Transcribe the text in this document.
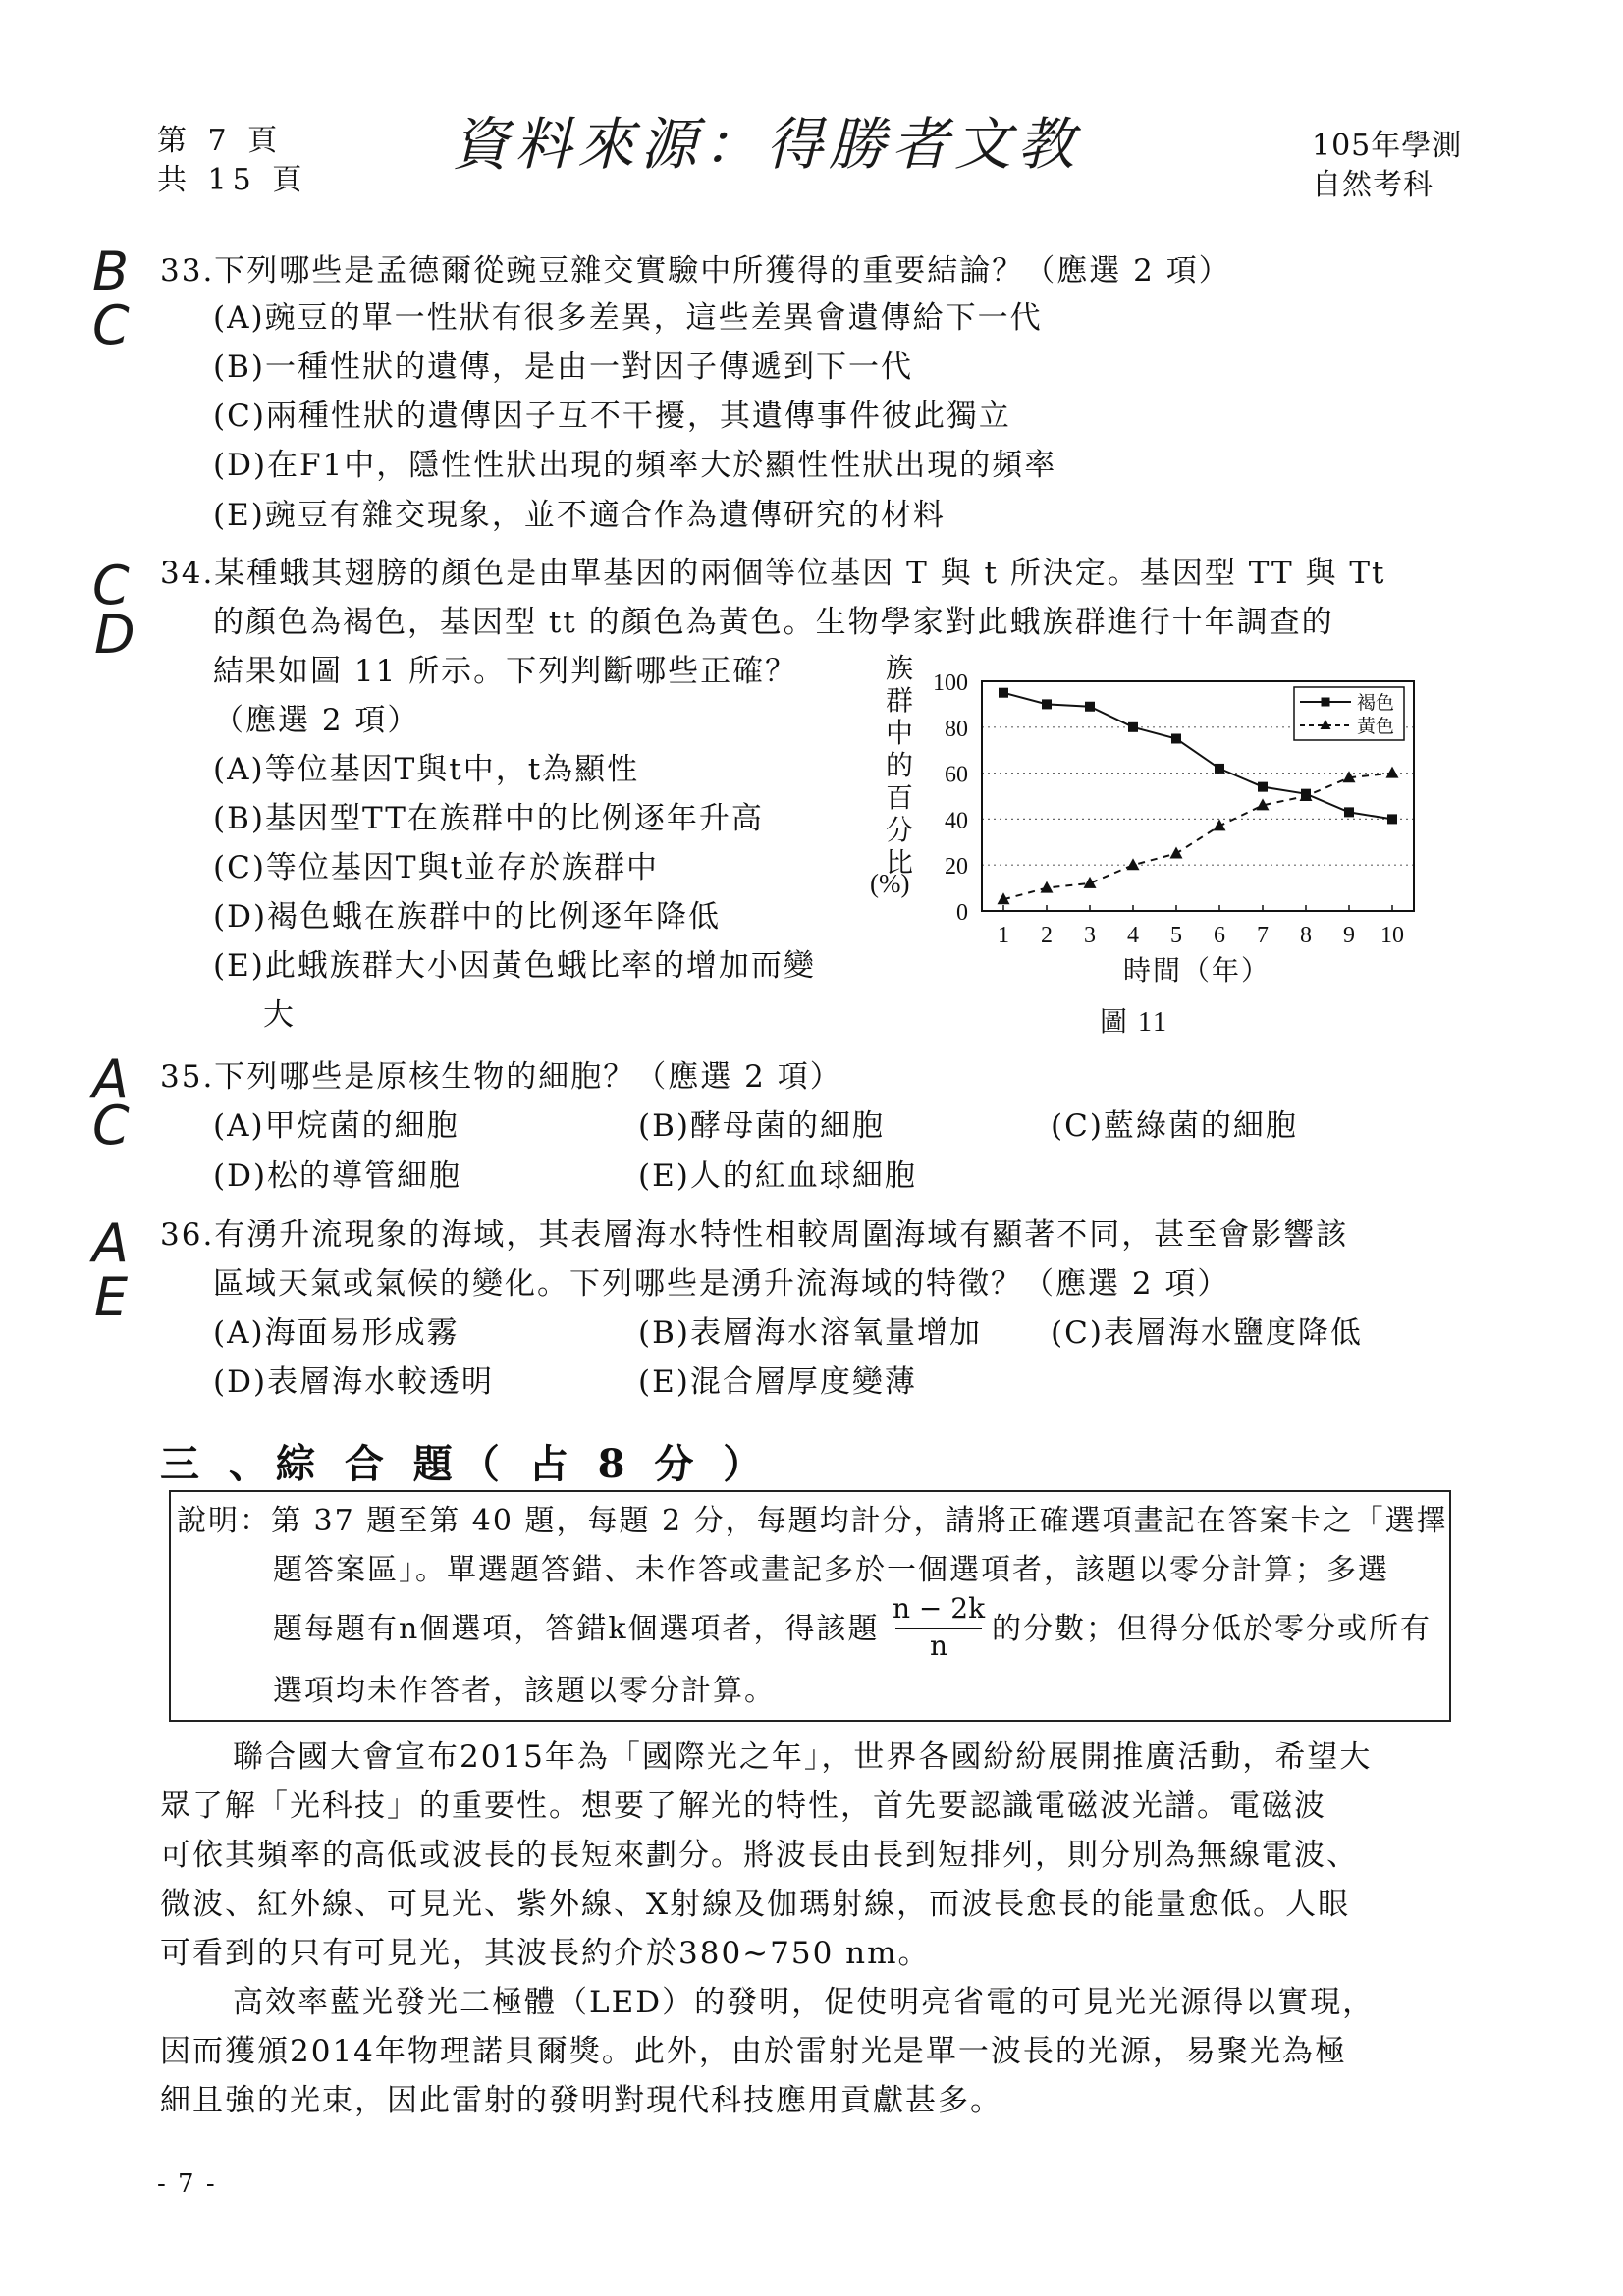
第 7 頁
共 15 頁
資料來源：得勝者文教	105年學測
自然考科
B
C
C
D
A
C
A
E
33.下列哪些是孟德爾從豌豆雜交實驗中所獲得的重要結論？（應選 2 項）
(A)豌豆的單一性狀有很多差異，這些差異會遺傳給下一代
(B)一種性狀的遺傳，是由一對因子傳遞到下一代
(C)兩種性狀的遺傳因子互不干擾，其遺傳事件彼此獨立
(D)在F1中，隱性性狀出現的頻率大於顯性性狀出現的頻率
(E)豌豆有雜交現象，並不適合作為遺傳研究的材料
34.某種蛾其翅膀的顏色是由單基因的兩個等位基因 T 與 t 所決定。基因型 TT 與 Tt
的顏色為褐色，基因型 tt 的顏色為黃色。生物學家對此蛾族群進行十年調查的
結果如圖 11 所示。下列判斷哪些正確？
（應選 2 項）
(A)等位基因T與t中，t為顯性
(B)基因型TT在族群中的比例逐年升高
(C)等位基因T與t並存於族群中
(D)褐色蛾在族群中的比例逐年降低
(E)此蛾族群大小因黃色蛾比率的增加而變
大
族
群
中
的
百
分
比
(%)
0
20
40
60
80
100
1 2 3 4 5 6 7 8 9 10
褐色
黃色
時間（年）
圖 11
35.下列哪些是原核生物的細胞？（應選 2 項）
(A)甲烷菌的細胞	(B)酵母菌的細胞	(C)藍綠菌的細胞
(D)松的導管細胞	(E)人的紅血球細胞
36.有湧升流現象的海域，其表層海水特性相較周圍海域有顯著不同，甚至會影響該
區域天氣或氣候的變化。下列哪些是湧升流海域的特徵？（應選 2 項）
(A)海面易形成霧	(B)表層海水溶氧量增加 (C)表層海水鹽度降低
(D)表層海水較透明	(E)混合層厚度變薄
三 、綜 合 題（ 占 8 分 ）
說明：第 37 題至第 40 題，每題 2 分，每題均計分，請將正確選項畫記在答案卡之「選擇
題答案區」。單選題答錯、未作答或畫記多於一個選項者，該題以零分計算；多選
題每題有n個選項，答錯k個選項者，得該題
n − 2k
n	的分數；但得分低於零分或所有
選項均未作答者，該題以零分計算。
聯合國大會宣布2015年為「國際光之年」，世界各國紛紛展開推廣活動，希望大
眾了解「光科技」的重要性。想要了解光的特性，首先要認識電磁波光譜。電磁波
可依其頻率的高低或波長的長短來劃分。將波長由長到短排列，則分別為無線電波、
微波、紅外線、可見光、紫外線、X射線及伽瑪射線，而波長愈長的能量愈低。人眼
可看到的只有可見光，其波長約介於380~750 nm。
高效率藍光發光二極體（LED）的發明，促使明亮省電的可見光光源得以實現，
因而獲頒2014年物理諾貝爾獎。此外，由於雷射光是單一波長的光源，易聚光為極
細且強的光束，因此雷射的發明對現代科技應用貢獻甚多。
- 7 -
